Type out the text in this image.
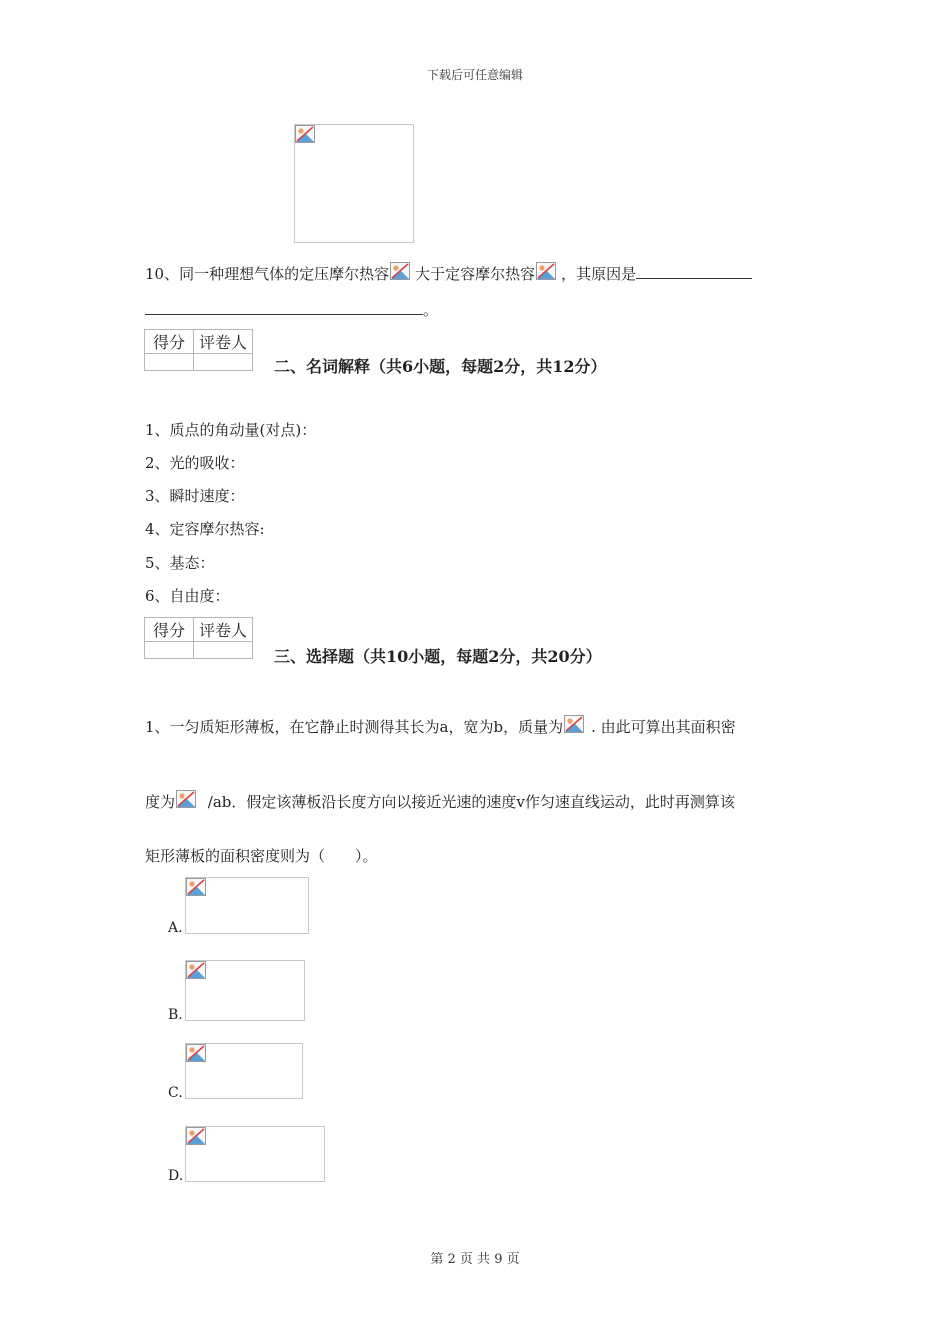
下载后可任意编辑
10、同一种理想气体的定压摩尔热容 大于定容摩尔热容 ，其原因是
。
得分	评卷人

二、名词解释（共6小题，每题2分，共12分）
1、质点的角动量(对点)：
2、光的吸收：
3、瞬时速度：
4、定容摩尔热容:
5、基态：
6、自由度：
得分	评卷人

三、选择题（共10小题，每题2分，共20分）
1、一匀质矩形薄板，在它静止时测得其长为a，宽为b，质量为 . 由此可算出其面积密
度为
/ab．假定该薄板沿长度方向以接近光速的速度v作匀速直线运动，此时再测算该
矩形薄板的面积密度则为（　　）。
A.
B.
C.
D.
第 2 页 共 9 页
